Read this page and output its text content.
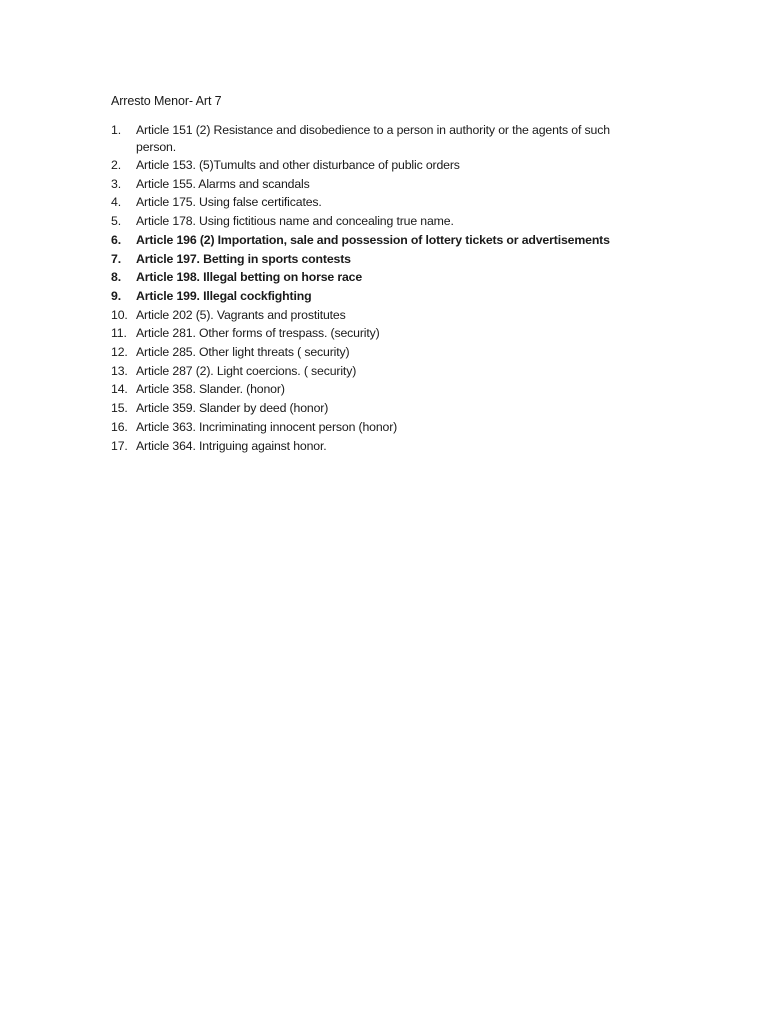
Arresto Menor- Art 7
1. Article 151 (2) Resistance and disobedience to a person in authority or the agents of such person.
2. Article 153. (5)Tumults and other disturbance of public orders
3. Article 155. Alarms and scandals
4. Article 175. Using false certificates.
5. Article 178. Using fictitious name and concealing true name.
6. Article 196 (2) Importation, sale and possession of lottery tickets or advertisements
7. Article 197. Betting in sports contests
8. Article 198. Illegal betting on horse race
9. Article 199. Illegal cockfighting
10. Article 202 (5). Vagrants and prostitutes
11. Article 281. Other forms of trespass. (security)
12. Article 285. Other light threats ( security)
13. Article 287 (2). Light coercions. ( security)
14. Article 358. Slander. (honor)
15. Article 359. Slander by deed (honor)
16. Article 363. Incriminating innocent person (honor)
17. Article 364. Intriguing against honor.
